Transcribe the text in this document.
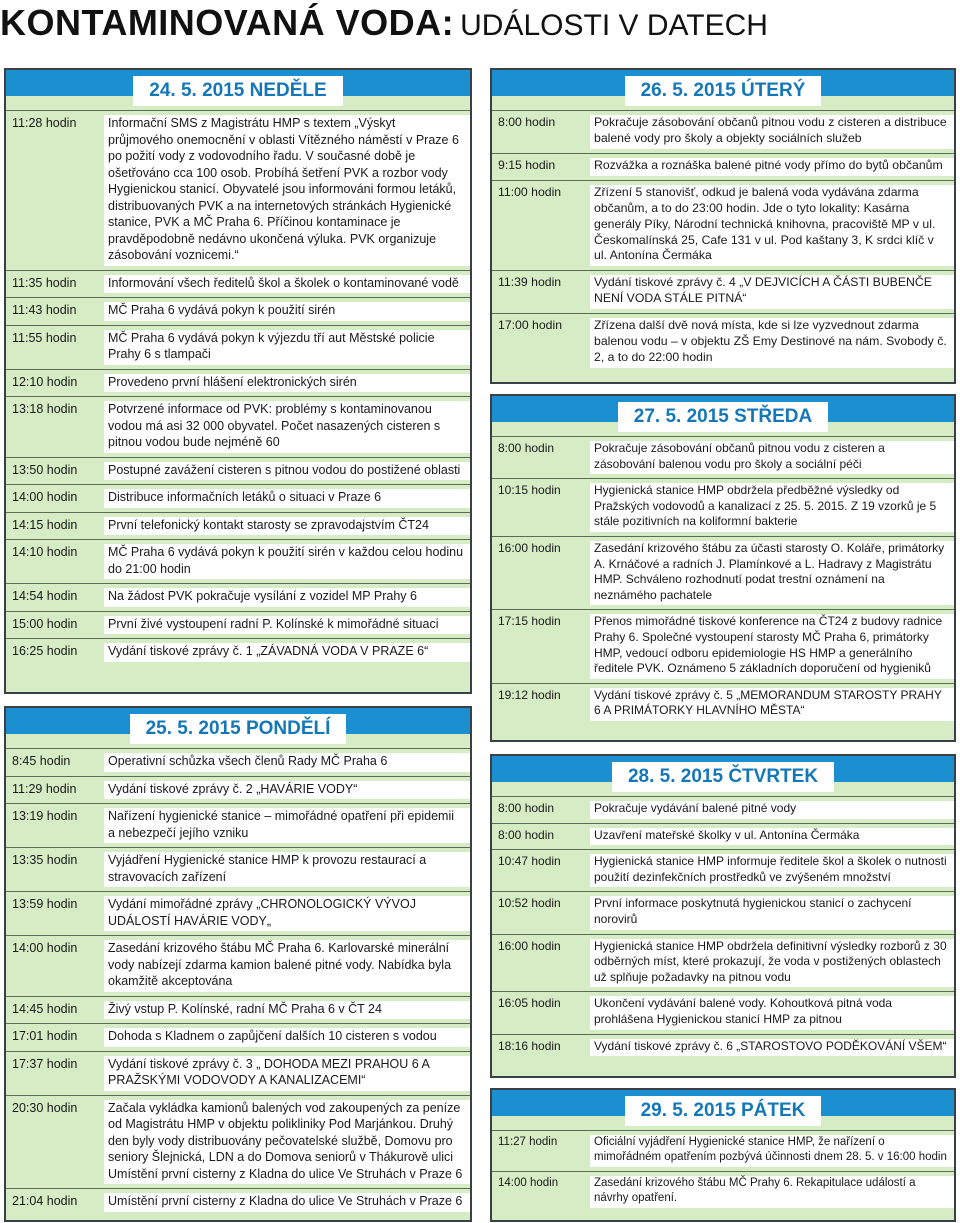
KONTAMINOVANÁ VODA: UDÁLOSTI V DATECH
24. 5. 2015 NEDĚLE
11:28 hodin	Informační SMS z Magistrátu HMP s textem „Výskyt průjmového onemocnění v oblasti Vítězného náměstí v Praze 6 po požití vody z vodovodního řadu. V současné době je ošetřováno cca 100 osob. Probíhá šetření PVK a rozbor vody Hygienickou stanicí. Obyvatelé jsou informováni formou letáků, distribuovaných PVK a na internetových stránkách Hygienické stanice, PVK a MČ Praha 6. Příčinou kontaminace je pravděpodobně nedávno ukončená výluka. PVK organizuje zásobování voznicemi.“
11:35 hodin	Informování všech ředitelů škol a školek o kontaminované vodě
11:43 hodin	MČ Praha 6 vydává pokyn k použití sirén
11:55 hodin	MČ Praha 6 vydává pokyn k výjezdu tří aut Městské policie Prahy 6 s tlampači
12:10 hodin	Provedeno první hlášení elektronických sirén
13:18 hodin	Potvrzené informace od PVK: problémy s kontaminovanou vodou má asi 32 000 obyvatel. Počet nasazených cisteren s pitnou vodou bude nejméně 60
13:50 hodin	Postupné zavážení cisteren s pitnou vodou do postižené oblasti
14:00 hodin	Distribuce informačních letáků o situaci v Praze 6
14:15 hodin	První telefonický kontakt starosty se zpravodajstvím ČT24
14:10 hodin	MČ Praha 6 vydává pokyn k použití sirén v každou celou hodinu do 21:00 hodin
14:54 hodin	Na žádost PVK pokračuje vysílání z vozidel MP Prahy 6
15:00 hodin	První živé vystoupení radní P. Kolínské k mimořádné situaci
16:25 hodin	Vydání tiskové zprávy č. 1 „ZÁVADNÁ VODA V PRAZE 6“
25. 5. 2015 PONDĚLÍ
8:45 hodin	Operativní schůzka všech členů Rady MČ Praha 6
11:29 hodin	Vydání tiskové zprávy č. 2 „HAVÁRIE VODY“
13:19 hodin	Nařízení hygienické stanice – mimořádné opatření při epidemii a nebezpečí jejího vzniku
13:35 hodin	Vyjádření Hygienické stanice HMP k provozu restaurací a stravovacích zařízení
13:59 hodin	Vydání mimořádné zprávy „CHRONOLOGICKÝ VÝVOJ UDÁLOSTÍ HAVÁRIE VODY„
14:00 hodin	Zasedání krizového štábu MČ Praha 6. Karlovarské minerální vody nabízejí zdarma kamion balené pitné vody. Nabídka byla okamžitě akceptována
14:45 hodin	Živý vstup P. Kolínské, radní MČ Praha 6 v ČT 24
17:01 hodin	Dohoda s Kladnem o zapůjčení dalších 10 cisteren s vodou
17:37 hodin	Vydání tiskové zprávy č. 3 „ DOHODA MEZI PRAHOU 6 A PRAŽSKÝMI VODOVODY A KANALIZACEMI“
20:30 hodin	Začala vykládka kamionů balených vod zakoupených za peníze od Magistrátu HMP v objektu polikliniky Pod Marjánkou. Druhý den byly vody distribuovány pečovatelské službě, Domovu pro seniory Šlejnická, LDN a do Domova seniorů v Thákurově ulici Umístění první cisterny z Kladna do ulice Ve Struhách v Praze 6
21:04 hodin	Umístění první cisterny z Kladna do ulice Ve Struhách v Praze 6
26. 5. 2015 ÚTERÝ
8:00 hodin	Pokračuje zásobování občanů pitnou vodu z cisteren a distribuce balené vody pro školy a objekty sociálních služeb
9:15 hodin	Rozvážka a roznáška balené pitné vody přímo do bytů občanům
11:00 hodin	Zřízení 5 stanovišť, odkud je balená voda vydávána zdarma občanům, a to do 23:00 hodin. Jde o tyto lokality: Kasárna generály Píky, Národní technická knihovna, pracoviště MP v ul. Českomalínská 25, Cafe 131 v ul. Pod kaštany 3, K srdci klíč v ul. Antonína Čermáka
11:39 hodin	Vydání tiskové zprávy č. 4 „V DEJVICÍCH A ČÁSTI BUBENČE NENÍ VODA STÁLE PITNÁ“
17:00 hodin	Zřízena další dvě nová místa, kde si lze vyzvednout zdarma balenou vodu – v objektu ZŠ Emy Destinové na nám. Svobody č. 2, a to do 22:00 hodin
27. 5. 2015 STŘEDA
8:00 hodin	Pokračuje zásobování občanů pitnou vodu z cisteren a zásobování balenou vodu pro školy a sociální péči
10:15 hodin	Hygienická stanice HMP obdržela předběžné výsledky od Pražských vodovodů a kanalizací z 25. 5. 2015. Z 19 vzorků je 5 stále pozitivních na koliformní bakterie
16:00 hodin	Zasedání krizového štábu za účasti starosty O. Koláře, primátorky A. Krnáčové a radních J. Plamínkové a L. Hadravy z Magistrátu HMP. Schváleno rozhodnutí podat trestní oznámení na neznámého pachatele
17:15 hodin	Přenos mimořádné tiskové konference na ČT24 z budovy radnice Prahy 6. Společné vystoupení starosty MČ Praha 6, primátorky HMP, vedoucí odboru epidemiologie HS HMP a generálního ředitele PVK. Oznámeno 5 základních doporučení od hygieniků
19:12 hodin	Vydání tiskové zprávy č. 5 „MEMORANDUM STAROSTY PRAHY 6 A PRIMÁTORKY HLAVNÍHO MĚSTA“
28. 5. 2015 ČTVRTEK
8:00 hodin	Pokračuje vydávání balené pitné vody
8:00 hodin	Uzavření mateřské školky v ul. Antonína Čermáka
10:47 hodin	Hygienická stanice HMP informuje ředitele škol a školek o nutnosti použití dezinfekčních prostředků ve zvýšeném množství
10:52 hodin	První informace poskytnutá hygienickou stanicí o zachycení norovirů
16:00 hodin	Hygienická stanice HMP obdržela definitivní výsledky rozborů z 30 odběrných míst, které prokazují, že voda v postižených oblastech už splňuje požadavky na pitnou vodu
16:05 hodin	Ukončení vydávání balené vody. Kohoutková pitná voda prohlášena Hygienickou stanicí HMP za pitnou
18:16 hodin	Vydání tiskové zprávy č. 6 „STAROSTOVO PODĚKOVÁNÍ VŠEM“
29. 5. 2015 PÁTEK
11:27 hodin	Oficiální vyjádření Hygienické stanice HMP, že nařízení o mimořádném opatřením pozbývá účinnosti dnem 28. 5. v 16:00 hodin
14:00 hodin	Zasedání krizového štábu MČ Prahy 6. Rekapitulace událostí a návrhy opatření.
